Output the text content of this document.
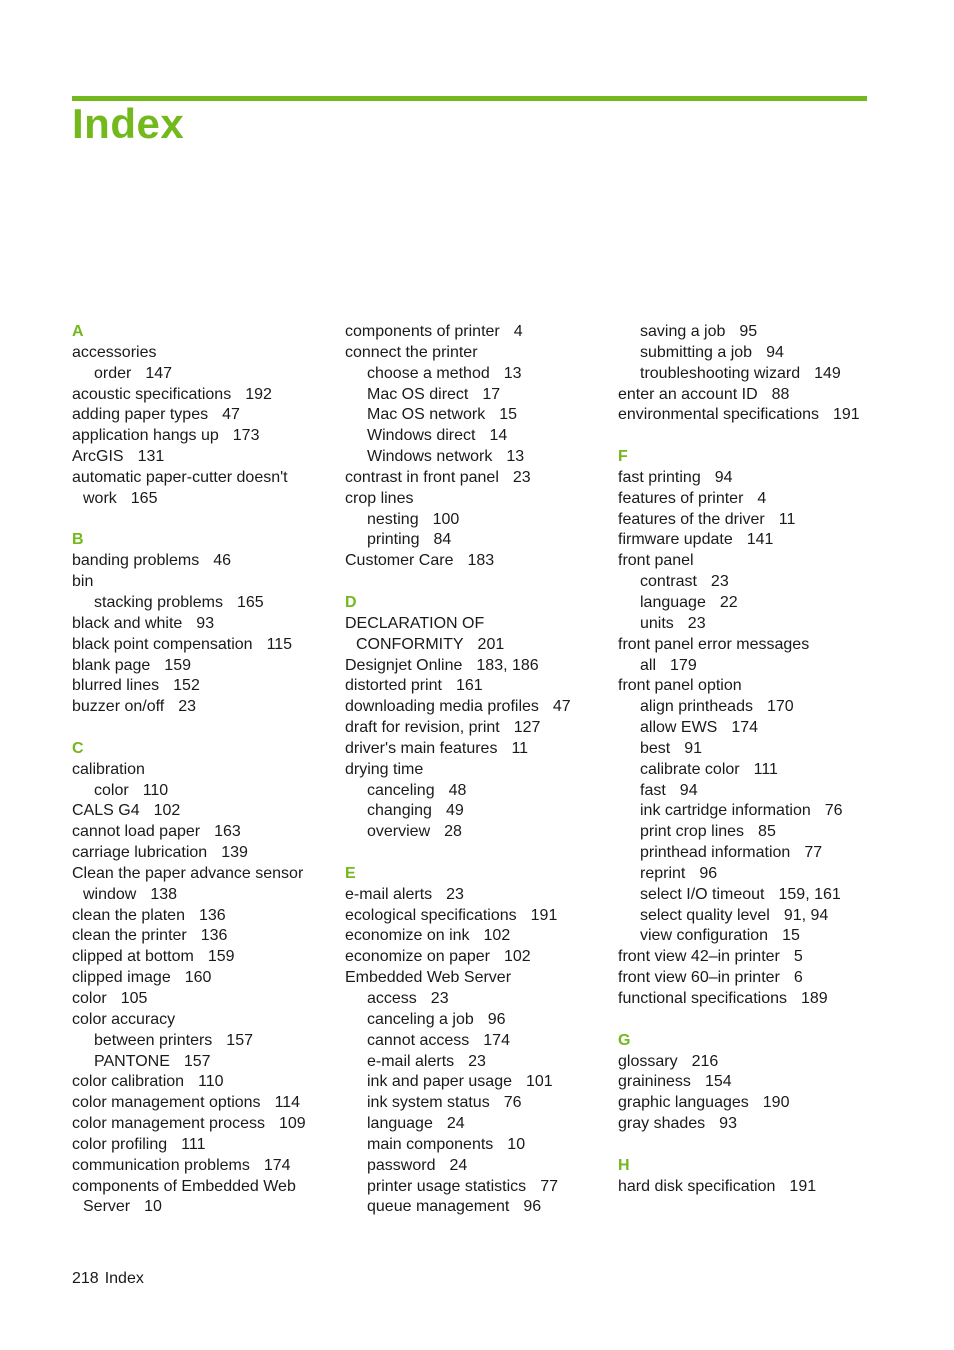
Index
A
accessories
order 147
acoustic specifications 192
adding paper types 47
application hangs up 173
ArcGIS 131
automatic paper-cutter doesn't
work 165
B
banding problems 46
bin
stacking problems 165
black and white 93
black point compensation 115
blank page 159
blurred lines 152
buzzer on/off 23
C
calibration
color 110
CALS G4 102
cannot load paper 163
carriage lubrication 139
Clean the paper advance sensor
window 138
clean the platen 136
clean the printer 136
clipped at bottom 159
clipped image 160
color 105
color accuracy
between printers 157
PANTONE 157
color calibration 110
color management options 114
color management process 109
color profiling 111
communication problems 174
components of Embedded Web
Server 10
components of printer 4
connect the printer
choose a method 13
Mac OS direct 17
Mac OS network 15
Windows direct 14
Windows network 13
contrast in front panel 23
crop lines
nesting 100
printing 84
Customer Care 183
D
DECLARATION OF
CONFORMITY 201
Designjet Online 183, 186
distorted print 161
downloading media profiles 47
draft for revision, print 127
driver's main features 11
drying time
canceling 48
changing 49
overview 28
E
e-mail alerts 23
ecological specifications 191
economize on ink 102
economize on paper 102
Embedded Web Server
access 23
canceling a job 96
cannot access 174
e-mail alerts 23
ink and paper usage 101
ink system status 76
language 24
main components 10
password 24
printer usage statistics 77
queue management 96
saving a job 95
submitting a job 94
troubleshooting wizard 149
enter an account ID 88
environmental specifications 191
F
fast printing 94
features of printer 4
features of the driver 11
firmware update 141
front panel
contrast 23
language 22
units 23
front panel error messages
all 179
front panel option
align printheads 170
allow EWS 174
best 91
calibrate color 111
fast 94
ink cartridge information 76
print crop lines 85
printhead information 77
reprint 96
select I/O timeout 159, 161
select quality level 91, 94
view configuration 15
front view 42–in printer 5
front view 60–in printer 6
functional specifications 189
G
glossary 216
graininess 154
graphic languages 190
gray shades 93
H
hard disk specification 191
218 Index
